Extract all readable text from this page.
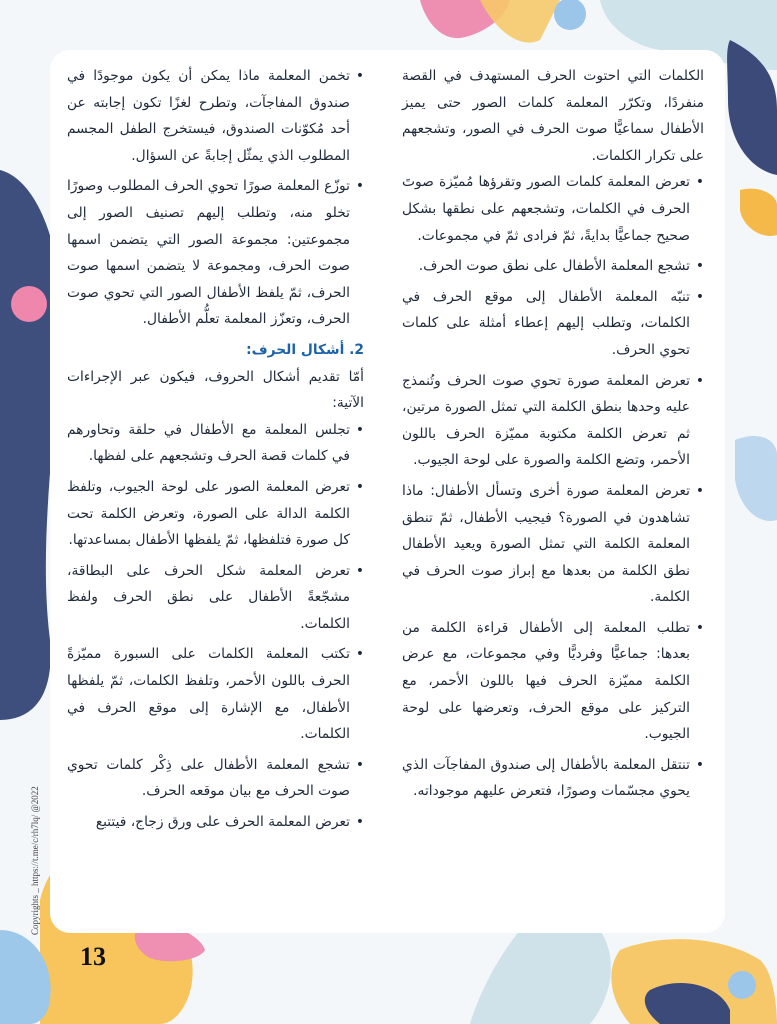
الكلمات التي احتوت الحرف المستهدف في القصة منفردًا، وتكرّر المعلمة كلمات الصور حتى يميز الأطفال سماعيًّا صوت الحرف في الصور، وتشجعهم على تكرار الكلمات.

• تعرض المعلمة كلمات الصور وتقرؤها مُميّزة صوتَ الحرف في الكلمات، وتشجعهم على نطقها بشكل صحيح جماعيًّا بدايةً، ثمّ فرادى ثمّ في مجموعات.
• تشجع المعلمة الأطفال على نطق صوت الحرف.
• تنبّه المعلمة الأطفال إلى موقع الحرف في الكلمات، وتطلب إليهم إعطاء أمثلة على كلمات تحوي الحرف.
• تعرض المعلمة صورة تحوي صوت الحرف وتُنمذج عليه وحدها بنطق الكلمة التي تمثل الصورة مرتين، ثم تعرض الكلمة مكتوبة مميّزة الحرف باللون الأحمر، وتضع الكلمة والصورة على لوحة الجيوب.
• تعرض المعلمة صورة أخرى وتسأل الأطفال: ماذا تشاهدون في الصورة؟ فيجيب الأطفال، ثمّ تنطق المعلمة الكلمة التي تمثل الصورة ويعيد الأطفال نطق الكلمة من بعدها مع إبراز صوت الحرف في الكلمة.
• تطلب المعلمة إلى الأطفال قراءة الكلمة من بعدها: جماعيًّا وفرديًّا وفي مجموعات، مع عرض الكلمة مميّزة الحرف فيها باللون الأحمر، مع التركيز على موقع الحرف، وتعرضها على لوحة الجيوب.
• تنتقل المعلمة بالأطفال إلى صندوق المفاجآت الذي يحوي مجسّمات وصورًا، فتعرض عليهم موجوداته.
• تخمن المعلمة ماذا يمكن أن يكون موجودًا في صندوق المفاجآت، وتطرح لغزًا تكون إجابته عن أحد مُكوّنات الصندوق، فيستخرج الطفل المجسم المطلوب الذي يمثّل إجابةً عن السؤال.
• توزّع المعلمة صورًا تحوي الحرف المطلوب وصورًا تخلو منه، وتطلب إليهم تصنيف الصور إلى مجموعتين: مجموعة الصور التي يتضمن اسمها صوت الحرف، ومجموعة لا يتضمن اسمها صوت الحرف، ثمّ يلفظ الأطفال الصور التي تحوي صوت الحرف، وتعزّز المعلمة تعلُّم الأطفال.

2. أشكال الحرف:

أمّا تقديم أشكال الحروف، فيكون عبر الإجراءات الآتية:

• تجلس المعلمة مع الأطفال في حلقة وتحاورهم في كلمات قصة الحرف وتشجعهم على لفظها.
• تعرض المعلمة الصور على لوحة الجيوب، وتلفظ الكلمة الدالة على الصورة، وتعرض الكلمة تحت كل صورة فتلفظها، ثمّ يلفظها الأطفال بمساعدتها.
• تعرض المعلمة شكل الحرف على البطاقة، مشجّعةً الأطفال على نطق الحرف ولفظ الكلمات.
• تكتب المعلمة الكلمات على السبورة مميّزةً الحرف باللون الأحمر، وتلفظ الكلمات، ثمّ يلفظها الأطفال، مع الإشارة إلى موقع الحرف في الكلمات.
• تشجع المعلمة الأطفال على ذِكْر كلمات تحوي صوت الحرف مع بيان موقعه الحرف.
• تعرض المعلمة الحرف على ورق زجاج، فيتتبع
Copyrights _ https://t.me/c/rh7lq/ @2022
13
